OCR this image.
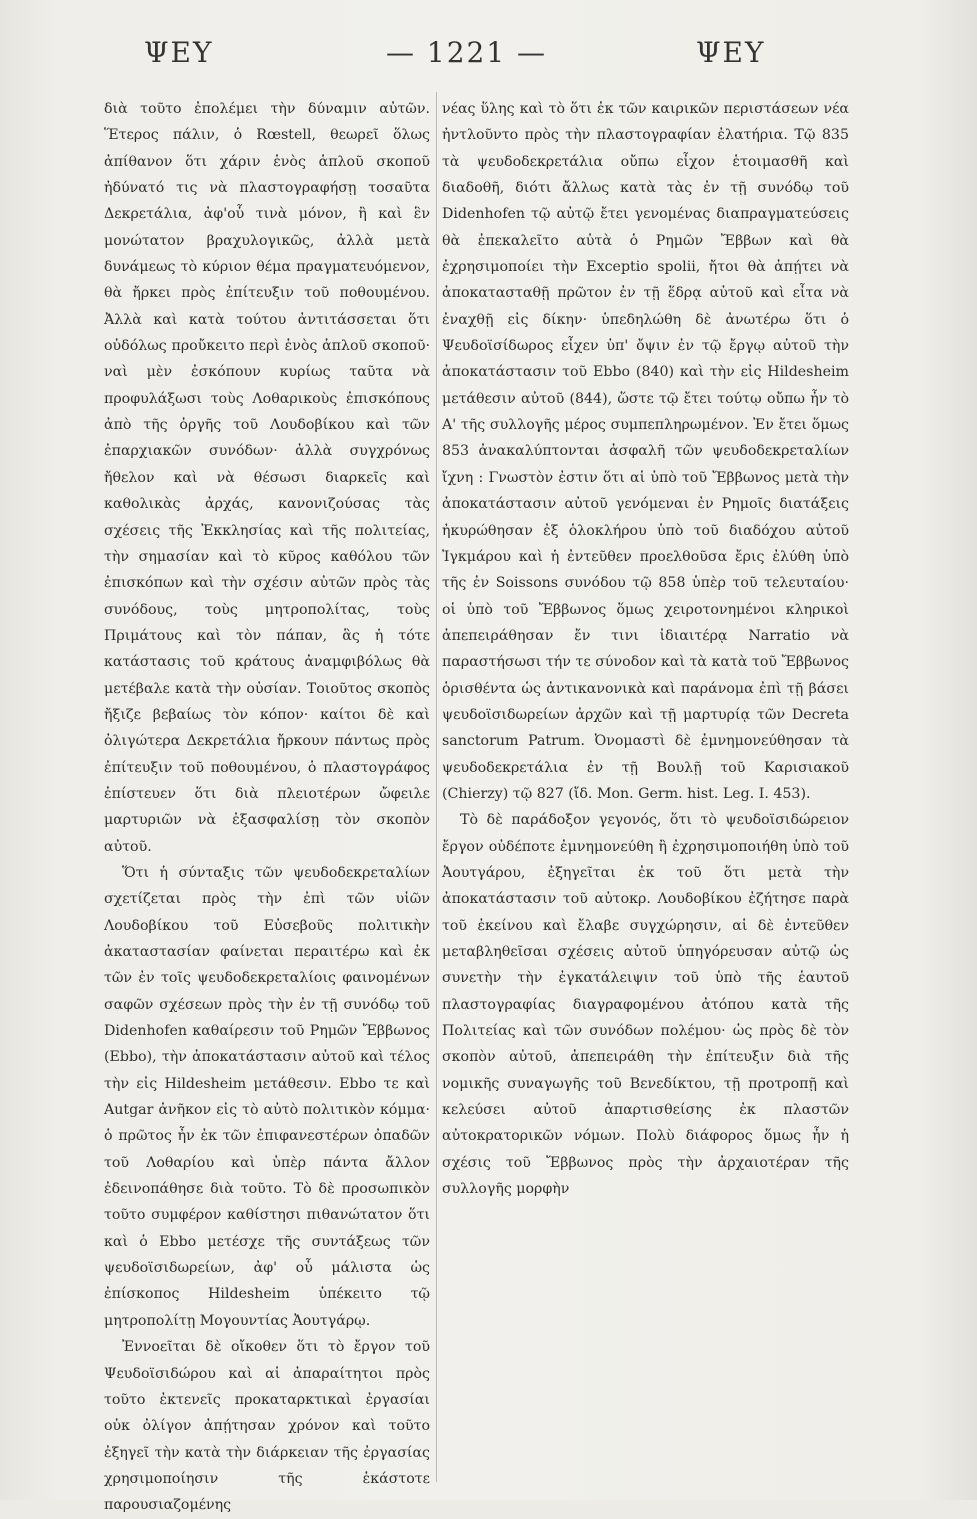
ΨΕΥ	— 1221 —	ΨΕΥ

διὰ τοῦτο ἐπολέμει τὴν δύναμιν αὐτῶν. Ἕτερος πάλιν, ὁ Rœstell, θεωρεῖ ὅλως ἀπίθανον ὅτι χάριν ἑνὸς ἁπλοῦ σκοποῦ ἠδύνατό τις νὰ πλαστογραφήσῃ τοσαῦτα Δεκρετάλια, ἀφ'οὗ τινὰ μόνον, ἢ καὶ ἓν μονώτατον βραχυλογικῶς, ἀλλὰ μετὰ δυνάμεως τὸ κύριον θέμα πραγματευόμενον, θὰ ἤρκει πρὸς ἐπίτευξιν τοῦ ποθουμένου. Ἀλλὰ καὶ κατὰ τούτου ἀντιτάσσεται ὅτι οὐδόλως προὔκειτο περὶ ἑνὸς ἁπλοῦ σκοποῦ· ναὶ μὲν ἐσκόπουν κυρίως ταῦτα νὰ προφυλάξωσι τοὺς Λοθαρικοὺς ἐπισκόπους ἀπὸ τῆς ὀργῆς τοῦ Λουδοβίκου καὶ τῶν ἐπαρχιακῶν συνόδων· ἀλλὰ συγχρόνως ἤθελον καὶ νὰ θέσωσι διαρκεῖς καὶ καθολικὰς ἀρχάς, κανονιζούσας τὰς σχέσεις τῆς Ἐκκλησίας καὶ τῆς πολιτείας, τὴν σημασίαν καὶ τὸ κῦρος καθόλου τῶν ἐπισκόπων καὶ τὴν σχέσιν αὐτῶν πρὸς τὰς συνόδους, τοὺς μητροπολίτας, τοὺς Πριμάτους καὶ τὸν πάπαν, ἃς ἡ τότε κατάστασις τοῦ κράτους ἀναμφιβόλως θὰ μετέβαλε κατὰ τὴν οὐσίαν. Τοιοῦτος σκοπὸς ἤξιζε βεβαίως τὸν κόπον· καίτοι δὲ καὶ ὀλιγώτερα Δεκρετάλια ἤρκουν πάντως πρὸς ἐπίτευξιν τοῦ ποθουμένου, ὁ πλαστογράφος ἐπίστευεν ὅτι διὰ πλειοτέρων ὤφειλε μαρτυριῶν νὰ ἐξασφαλίσῃ τὸν σκοπὸν αὐτοῦ.

Ὅτι ἡ σύνταξις τῶν ψευδοδεκρεταλίων σχετίζεται πρὸς τὴν ἐπὶ τῶν υἱῶν Λουδοβίκου τοῦ Εὐσεβοῦς πολιτικὴν ἀκαταστασίαν φαίνεται περαιτέρω καὶ ἐκ τῶν ἐν τοῖς ψευδοδεκρεταλίοις φαινομένων σαφῶν σχέσεων πρὸς τὴν ἐν τῇ συνόδῳ τοῦ Didenhofen καθαίρεσιν τοῦ Ρημῶν Ἔββωνος (Ebbo), τὴν ἀποκατάστασιν αὐτοῦ καὶ τέλος τὴν εἰς Hildesheim μετάθεσιν. Ebbo τε καὶ Autgar ἀνῆκον εἰς τὸ αὐτὸ πολιτικὸν κόμμα· ὁ πρῶτος ἦν ἐκ τῶν ἐπιφανεστέρων ὀπαδῶν τοῦ Λοθαρίου καὶ ὑπὲρ πάντα ἄλλον ἐδεινοπάθησε διὰ τοῦτο. Τὸ δὲ προσωπικὸν τοῦτο συμφέρον καθίστησι πιθανώτατον ὅτι καὶ ὁ Ebbo μετέσχε τῆς συντάξεως τῶν ψευδοϊσιδωρείων, ἀφ' οὗ μάλιστα ὡς ἐπίσκοπος Hildesheim ὑπέκειτο τῷ μητροπολίτῃ Μογουντίας Ἀουτγάρῳ.

Ἐννοεῖται δὲ οἴκοθεν ὅτι τὸ ἔργον τοῦ Ψευδοϊσιδώρου καὶ αἱ ἀπαραίτητοι πρὸς τοῦτο ἐκτενεῖς προκαταρκτικαὶ ἐργασίαι οὐκ ὀλίγον ἀπῄτησαν χρόνον καὶ τοῦτο ἐξηγεῖ τὴν κατὰ τὴν διάρκειαν τῆς ἐργασίας χρησιμοποίησιν τῆς ἑκάστοτε παρουσιαζομένης

νέας ὕλης καὶ τὸ ὅτι ἐκ τῶν καιρικῶν περιστάσεων νέα ἠντλοῦντο πρὸς τὴν πλαστογραφίαν ἐλατήρια. Τῷ 835 τὰ ψευδοδεκρετάλια οὔπω εἶχον ἑτοιμασθῆ καὶ διαδοθῆ, διότι ἄλλως κατὰ τὰς ἐν τῇ συνόδῳ τοῦ Didenhofen τῷ αὐτῷ ἔτει γενομένας διαπραγματεύσεις θὰ ἐπεκαλεῖτο αὐτὰ ὁ Ρημῶν Ἔββων καὶ θὰ ἐχρησιμοποίει τὴν Exceptio spolii, ἤτοι θὰ ἀπῄτει νὰ ἀποκατασταθῇ πρῶτον ἐν τῇ ἕδρᾳ αὐτοῦ καὶ εἶτα νὰ ἐναχθῇ εἰς δίκην· ὑπεδηλώθη δὲ ἀνωτέρω ὅτι ὁ Ψευδοϊσίδωρος εἶχεν ὑπ' ὄψιν ἐν τῷ ἔργῳ αὐτοῦ τὴν ἀποκατάστασιν τοῦ Ebbo (840) καὶ τὴν εἰς Hildesheim μετάθεσιν αὐτοῦ (844), ὥστε τῷ ἔτει τούτῳ οὔπω ἦν τὸ Α' τῆς συλλογῆς μέρος συμπεπληρωμένον. Ἐν ἔτει ὅμως 853 ἀνακαλύπτονται ἀσφαλῆ τῶν ψευδοδεκρεταλίων ἴχνη : Γνωστὸν ἐστιν ὅτι αἱ ὑπὸ τοῦ Ἔββωνος μετὰ τὴν ἀποκατάστασιν αὐτοῦ γενόμεναι ἐν Ρημοῖς διατάξεις ἠκυρώθησαν ἐξ ὁλοκλήρου ὑπὸ τοῦ διαδόχου αὐτοῦ Ἰγκμάρου καὶ ἡ ἐντεῦθεν προελθοῦσα ἔρις ἐλύθη ὑπὸ τῆς ἐν Soissons συνόδου τῷ 858 ὑπὲρ τοῦ τελευταίου· οἱ ὑπὸ τοῦ Ἔββωνος ὅμως χειροτονημένοι κληρικοὶ ἀπεπειράθησαν ἔν τινι ἰδιαιτέρᾳ Narratio νὰ παραστήσωσι τήν τε σύνοδον καὶ τὰ κατὰ τοῦ Ἔββωνος ὁρισθέντα ὡς ἀντικανονικὰ καὶ παράνομα ἐπὶ τῇ βάσει ψευδοϊσιδωρείων ἀρχῶν καὶ τῇ μαρτυρίᾳ τῶν Decreta sanctorum Patrum. Ὀνομαστὶ δὲ ἐμνημονεύθησαν τὰ ψευδοδεκρετάλια ἐν τῇ Βουλῇ τοῦ Καρισιακοῦ (Chierzy) τῷ 827 (ἴδ. Mon. Germ. hist. Leg. I. 453).

Τὸ δὲ παράδοξον γεγονός, ὅτι τὸ ψευδοϊσιδώρειον ἔργον οὐδέποτε ἐμνημονεύθη ἢ ἐχρησιμοποιήθη ὑπὸ τοῦ Ἀουτγάρου, ἐξηγεῖται ἐκ τοῦ ὅτι μετὰ τὴν ἀποκατάστασιν τοῦ αὐτοκρ. Λουδοβίκου ἐζήτησε παρὰ τοῦ ἐκείνου καὶ ἔλαβε συγχώρησιν, αἱ δὲ ἐντεῦθεν μεταβληθεῖσαι σχέσεις αὐτοῦ ὑπηγόρευσαν αὐτῷ ὡς συνετὴν τὴν ἐγκατάλειψιν τοῦ ὑπὸ τῆς ἑαυτοῦ πλαστογραφίας διαγραφομένου ἀτόπου κατὰ τῆς Πολιτείας καὶ τῶν συνόδων πολέμου· ὡς πρὸς δὲ τὸν σκοπὸν αὐτοῦ, ἀπεπειράθη τὴν ἐπίτευξιν διὰ τῆς νομικῆς συναγωγῆς τοῦ Βενεδίκτου, τῇ προτροπῇ καὶ κελεύσει αὐτοῦ ἀπαρτισθείσης ἐκ πλαστῶν αὐτοκρατορικῶν νόμων. Πολὺ διάφορος ὅμως ἦν ἡ σχέσις τοῦ Ἔββωνος πρὸς τὴν ἀρχαιοτέραν τῆς συλλογῆς μορφὴν
